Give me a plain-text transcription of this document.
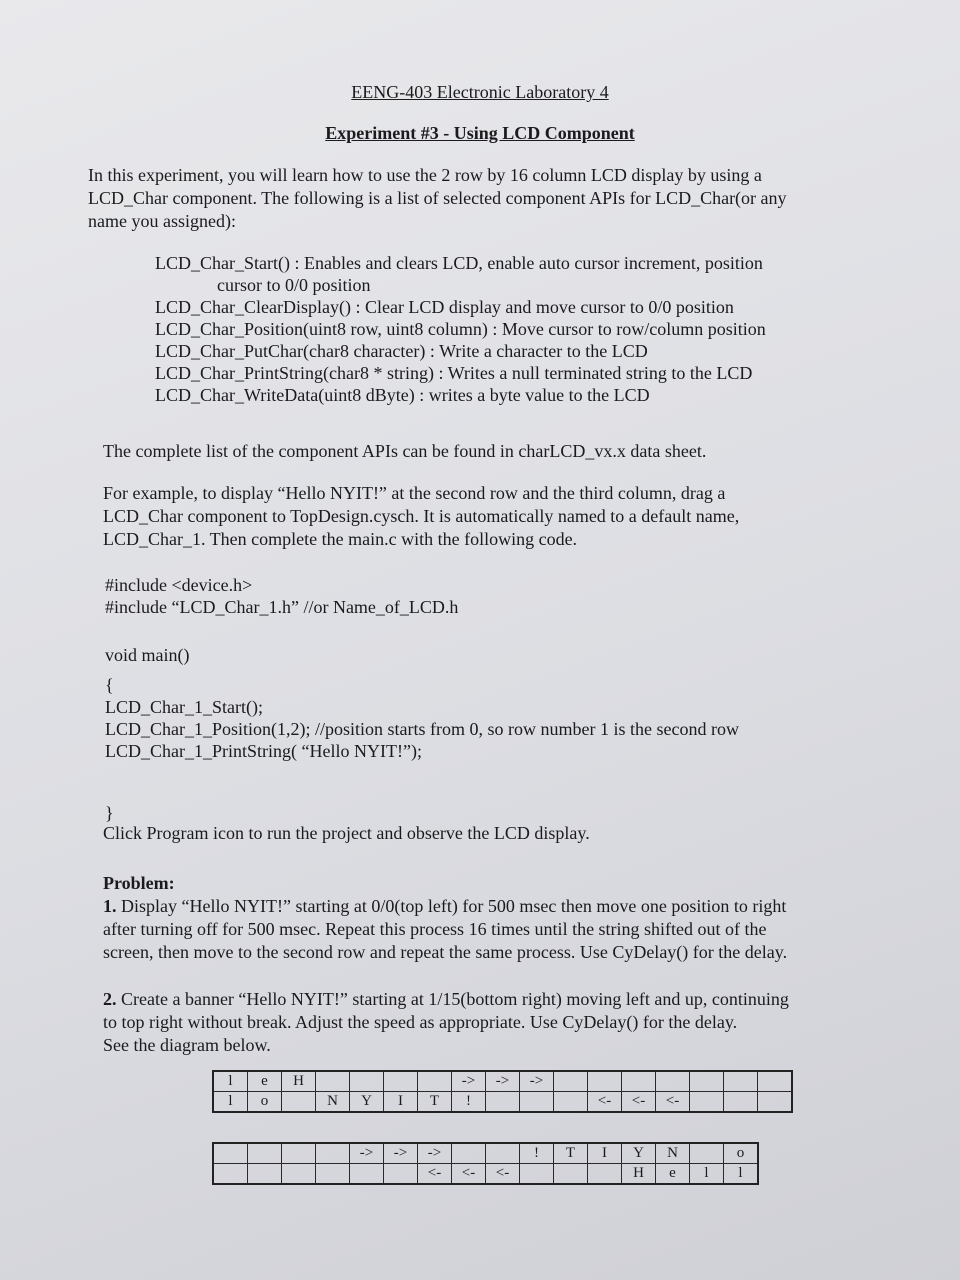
EENG-403 Electronic Laboratory 4
Experiment #3 - Using LCD Component
In this experiment, you will learn how to use the 2 row by 16 column LCD display by using a
LCD_Char component. The following is a list of selected component APIs for LCD_Char(or any
name you assigned):
LCD_Char_Start() : Enables and clears LCD, enable auto cursor increment, position
cursor to 0/0 position
LCD_Char_ClearDisplay() : Clear LCD display and move cursor to 0/0 position
LCD_Char_Position(uint8 row, uint8 column) : Move cursor to row/column position
LCD_Char_PutChar(char8 character) : Write a character to the LCD
LCD_Char_PrintString(char8 * string) : Writes a null terminated string to the LCD
LCD_Char_WriteData(uint8 dByte) : writes a byte value to the LCD
The complete list of the component APIs can be found in charLCD_vx.x data sheet.
For example, to display “Hello NYIT!” at the second row and the third column, drag a
LCD_Char component to TopDesign.cysch. It is automatically named to a default name,
LCD_Char_1. Then complete the main.c with the following code.
#include <device.h>
#include “LCD_Char_1.h” //or Name_of_LCD.h
void main()
{
LCD_Char_1_Start();
LCD_Char_1_Position(1,2); //position starts from 0, so row number 1 is the second row
LCD_Char_1_PrintString( “Hello NYIT!”);
}
Click Program icon to run the project and observe the LCD display.
Problem:
1. Display “Hello NYIT!” starting at 0/0(top left) for 500 msec then move one position to right
after turning off for 500 msec. Repeat this process 16 times until the string shifted out of the
screen, then move to the second row and repeat the same process. Use CyDelay() for the delay.
2. Create a banner “Hello NYIT!” starting at 1/15(bottom right) moving left and up, continuing
to top right without break. Adjust the speed as appropriate. Use CyDelay() for the delay.
See the diagram below.
l	e	H					->	->	->							
l	o		N	Y	I	T	!				<-	<-	<-			
				->	->	->			!	T	I	Y	N		o
						<-	<-	<-				H	e	l	l
